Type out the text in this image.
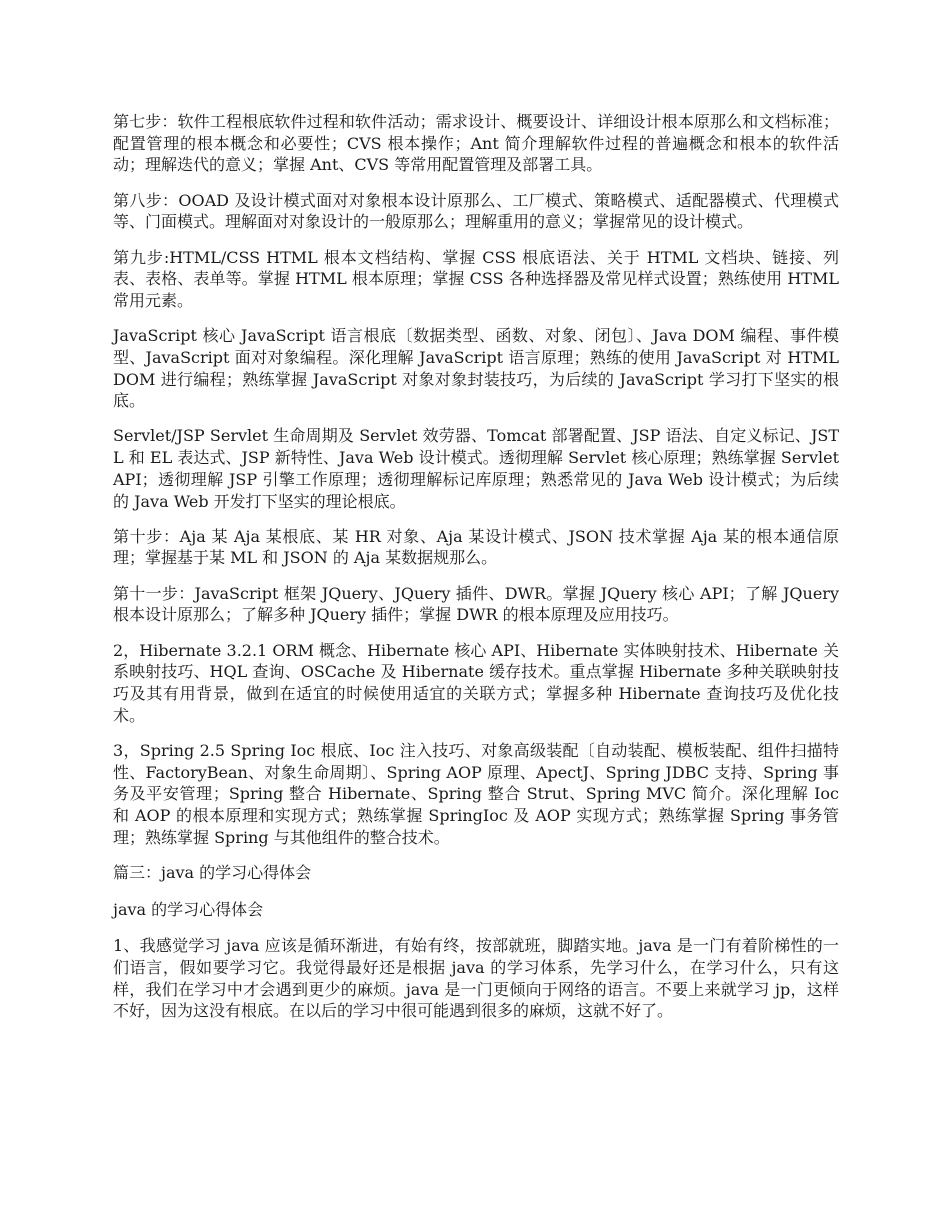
第七步：软件工程根底软件过程和软件活动；需求设计、概要设计、详细设计根本原那么和文档标准；配置管理的根本概念和必要性；CVS 根本操作；Ant 简介理解软件过程的普遍概念和根本的软件活动；理解迭代的意义；掌握 Ant、CVS 等常用配置管理及部署工具。

第八步：OOAD 及设计模式面对对象根本设计原那么、工厂模式、策略模式、适配器模式、代理模式等、门面模式。理解面对对象设计的一般原那么；理解重用的意义；掌握常见的设计模式。

第九步:HTML/CSS HTML 根本文档结构、掌握 CSS 根底语法、关于 HTML 文档块、链接、列表、表格、表单等。掌握 HTML 根本原理；掌握 CSS 各种选择器及常见样式设置；熟练使用 HTML 常用元素。

JavaScript 核心 JavaScript 语言根底〔数据类型、函数、对象、闭包〕、Java DOM 编程、事件模型、JavaScript 面对对象编程。深化理解 JavaScript 语言原理；熟练的使用 JavaScript 对 HTMLDOM 进行编程；熟练掌握 JavaScript 对象对象封装技巧，为后续的 JavaScript 学习打下坚实的根底。

Servlet/JSP Servlet 生命周期及 Servlet 效劳器、Tomcat 部署配置、JSP 语法、自定义标记、JSTL 和 EL 表达式、JSP 新特性、Java Web 设计模式。透彻理解 Servlet 核心原理；熟练掌握 Servlet API；透彻理解 JSP 引擎工作原理；透彻理解标记库原理；熟悉常见的 Java Web 设计模式；为后续的 Java Web 开发打下坚实的理论根底。

第十步：Aja 某 Aja 某根底、某 HR 对象、Aja 某设计模式、JSON 技术掌握 Aja 某的根本通信原理；掌握基于某 ML 和 JSON 的 Aja 某数据规那么。

第十一步：JavaScript 框架 JQuery、JQuery 插件、DWR。掌握 JQuery 核心 API；了解 JQuery 根本设计原那么；了解多种 JQuery 插件；掌握 DWR 的根本原理及应用技巧。

2，Hibernate 3.2.1 ORM 概念、Hibernate 核心 API、Hibernate 实体映射技术、Hibernate 关系映射技巧、HQL 查询、OSCache 及 Hibernate 缓存技术。重点掌握 Hibernate 多种关联映射技巧及其有用背景，做到在适宜的时候使用适宜的关联方式；掌握多种 Hibernate 查询技巧及优化技术。

3，Spring 2.5 Spring Ioc 根底、Ioc 注入技巧、对象高级装配〔自动装配、模板装配、组件扫描特性、FactoryBean、对象生命周期〕、Spring AOP 原理、ApectJ、Spring JDBC 支持、Spring 事务及平安管理；Spring 整合 Hibernate、Spring 整合 Strut、Spring MVC 简介。深化理解 Ioc 和 AOP 的根本原理和实现方式；熟练掌握 SpringIoc 及 AOP 实现方式；熟练掌握 Spring 事务管理；熟练掌握 Spring 与其他组件的整合技术。

篇三：java 的学习心得体会

java 的学习心得体会

1、我感觉学习 java 应该是循环渐进，有始有终，按部就班，脚踏实地。java 是一门有着阶梯性的一们语言，假如要学习它。我觉得最好还是根据 java 的学习体系，先学习什么，在学习什么，只有这样，我们在学习中才会遇到更少的麻烦。java 是一门更倾向于网络的语言。不要上来就学习 jp，这样不好，因为这没有根底。在以后的学习中很可能遇到很多的麻烦，这就不好了。
